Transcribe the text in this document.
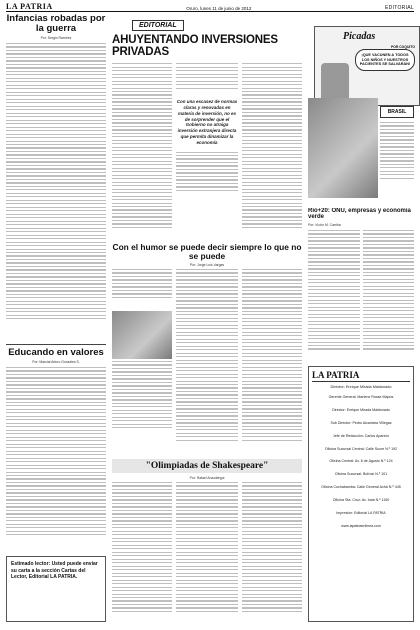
LA PATRIA	Oruro, lunes 11 de junio de 2012	EDITORIAL
Infancias robadas por la guerra
Por: Sergio Ramírez
Educando en valores
Por: Marcial Arturo Gonzales S.
Estimado lector: Usted puede enviar su carta a la sección Cartas del Lector, Editorial LA PATRIA.
EDITORIAL
AHUYENTANDO INVERSIONES PRIVADAS
Con una escasez de normas claras y renovadas en materia de inversión, no es de sorprender que el Gobierno no atraiga inversión extranjera directa que permita dinamizar la economía
Picadas
POR COQUITO
¡QUE VACUNEN A TODOS LOS NIÑOS Y NUESTROS PACIENTES SE SALVARÁN!
BRASIL
Río+20: ONU, empresas y economía verde
Por: Víctor M. Carriba
Con el humor se puede decir siempre lo que no se puede
Por: Jorge Luis Vargas
"Olimpiadas de Shakespeare"
Por: Rafael Anzoátegui
LA PATRIA
Director: Enrique Mirada Maldonado
Gerente General: Marlene Rosse Mapos
Director: Enrique Mirada Maldonado
Sub Director: Pedro Alcantara Villegas
Jefe de Redacción: Carlos Aparicio
Oficina Sucursal Central: Calle Sucre N.º 192
Oficina Central: Av. 6 de Agosto N.º 124
Oficina Sucursal: Bolívar N.º 101
Oficina Cochabamba: Calle General Achá N.º 445
Oficina Sta. Cruz: Av. Irala N.º 1150
Impresión: Editorial LA PATRIA
www.lapatriaenlinea.com
